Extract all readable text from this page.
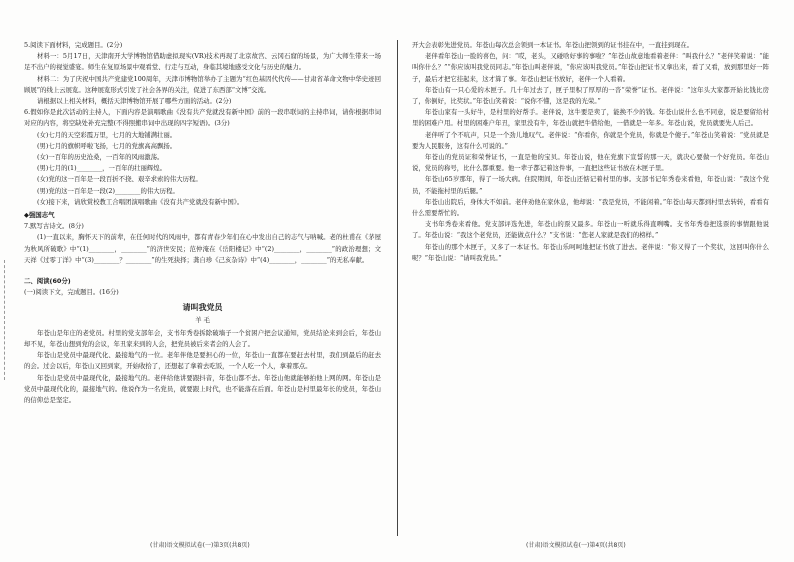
5.阅读下面材料，完成题目。(2分)

材料一：5月17日，天津南开大学博物馆借助虚拟现实(VR)技术再现了北京故宫、云冈石窟的场景，为广大师生带来一场足不出户的视觉盛宴。师生在复原场景中观看堂、行走与互动，身临其境地感受文化与历史的魅力。

材料二：为了庆祝中国共产党建党100周年，天津市博物馆举办了主题为“红色基因代代传——甘肃省革命文物中华史迹回顾展”的线上云展览。这种展览形式引发了社会各界的关注，促进了东西部“文博”交流。

请根据以上相关材料，概括天津博物馆开展了哪些方面的活动。(2分)

6.假如你是此次活动的主持人，下面内容是演唱歌曲《没有共产党就没有新中国》前的一段串联词的主持串词，请你根据串词对应的内容，将空缺处补充完整(不得照搬串词中出现的四字短语)。(3分)

(女)七月的天空彩霞万里，七月的大地铺满壮丽。

(男)七月的旗帜呼啦飞扬，七月的党旗高高飘扬。

(女)一百年的历史沧桑，一百年的风雨激荡。

(男)七月的(1)________，一百年的壮丽辉煌。

(女)党的这一百年是一段百折不挠、艰辛求索的伟大历程。

(男)党的这一百年是一段(2)________的伟大历程。

(女)接下来，请欣赏校教工合唱团演唱歌曲《没有共产党就没有新中国》。

◆强国志气

7.默写古诗文。(8分)

(1)一直以来，胸怀天下的前辈，在任何时代的风雨中，都有青春少年们在心中发出自己的志气与呐喊。老的杜甫在《茅屋为秋风所破歌》中“(1)________，________”的济世安民；范仲淹在《岳阳楼记》中“(2)________，________”的政治理想；文天祥《过零丁洋》中“(3)________？________”的生死抉择；龚自珍《己亥杂诗》中“(4)________，________”的无私奉献。

二、阅读(60分)

(一)阅读下文，完成题目。(16分)

请叫我党员

羊 毛

年苍山是年庄的老党员。村里的党支部年会，支书年秀卷拆除破墙子一个贫困户把会议通知，党员结论来到会后，年苍山却不见，年苍山想到党的会议，年丑家来到的人会，把党员被后来者会的人会了。

年苍山是党员中最现代化、最接地气的一位。老年伴他是要担心的一位，年苍山一直都在要赶去村里，我们到最后的赶去的会。过会以后，年苍山又回到家，开始收拾了，还想起了拿着去吃饭，一个人吃一个人，拿着那点。

年苍山是党员中最现代化，最接地气的。老伴给他讲要跟抖音，年苍山都不去。年苍山他就能够拍他上网的网。年苍山是党员中最现代化的，最接地气的。他说作为一名党员，就要跟上时代，也不能落在后面。年苍山是村里最年长的党员，年苍山的信仰总是坚定。

开大会表彰先进党员。年苍山每次总会领到一本证书。年苍山把领到的证书挂在中，一直挂到现在。

老伴看年苍山一脸的喜色，问：“哎，老头，又碰啥好事的事啦？”年苍山故意地看着老伴：“叫我什么？”老伴笑着说：“能叫你什么？”“你应该叫我党员同志。”年苍山叫老伴说，“你应该叫我党员。”年苍山把证书又拿出来，看了又看，放到那里好一阵子，最后才把它挂起来，这才算了事。年苍山把证书放好，老伴一个人看着。

年苍山有一只心爱的木匣子。几十年过去了，匣子里积了厚厚的一沓“荣誉”证书。老伴说：“这年头大家都开始比钱比房了，你倒好，比奖状。”年苍山笑着说：“说你不懂，这是我的光荣。”

年苍山家有一头好牛，是村里的好帮手。老伴说，这牛要是卖了，能换不少的钱。年苍山说什么也不同意，说是要留给村里的困难户用。村里的困难户年丑，家里没有牛，年苍山就把牛借给他，一借就是一年多。年苍山说，党员就要先人后己。

老伴听了个不吭声，只是一个劲儿地叹气。老伴说：“你看你，你就是个党员，你就是个傻子。”年苍山笑着说：“党员就是要为人民服务，这有什么可说的。”

年苍山的党员证和荣誉证书，一直是他的宝贝。年苍山说，他在党旗下宣誓的那一天，就决心要做一个好党员。年苍山说，党员的称号，比什么都重要。他一辈子都记着这件事，一直把这些证书放在木匣子里。

年苍山65岁那年，得了一场大病。住院期间，年苍山还惦记着村里的事。支部书记年秀卷来看他，年苍山说：“我这个党员，不能拖村里的后腿。”

年苍山出院后，身体大不如前。老伴劝他在家休息，他却说：“我是党员，不能闲着。”年苍山每天都到村里去转转，看看有什么需要帮忙的。

支书年秀卷来看他。党支部评选先进，年苍山的票又最多。年苍山一听就乐得直咧嘴。支书年秀卷把选票的事情跟他说了。年苍山说：“我这个老党员，还能做点什么？”支书说：“您老人家就是我们的榜样。”

年苍山的那个木匣子，又多了一本证书。年苍山乐呵呵地把证书放了进去。老伴说：“你又得了一个奖状，这回叫你什么呢？”年苍山说：“请叫我党员。”

(甘肃)语文模拟试卷(一)第3页(共8页)	(甘肃)语文模拟试卷(一)第4页(共8页)
